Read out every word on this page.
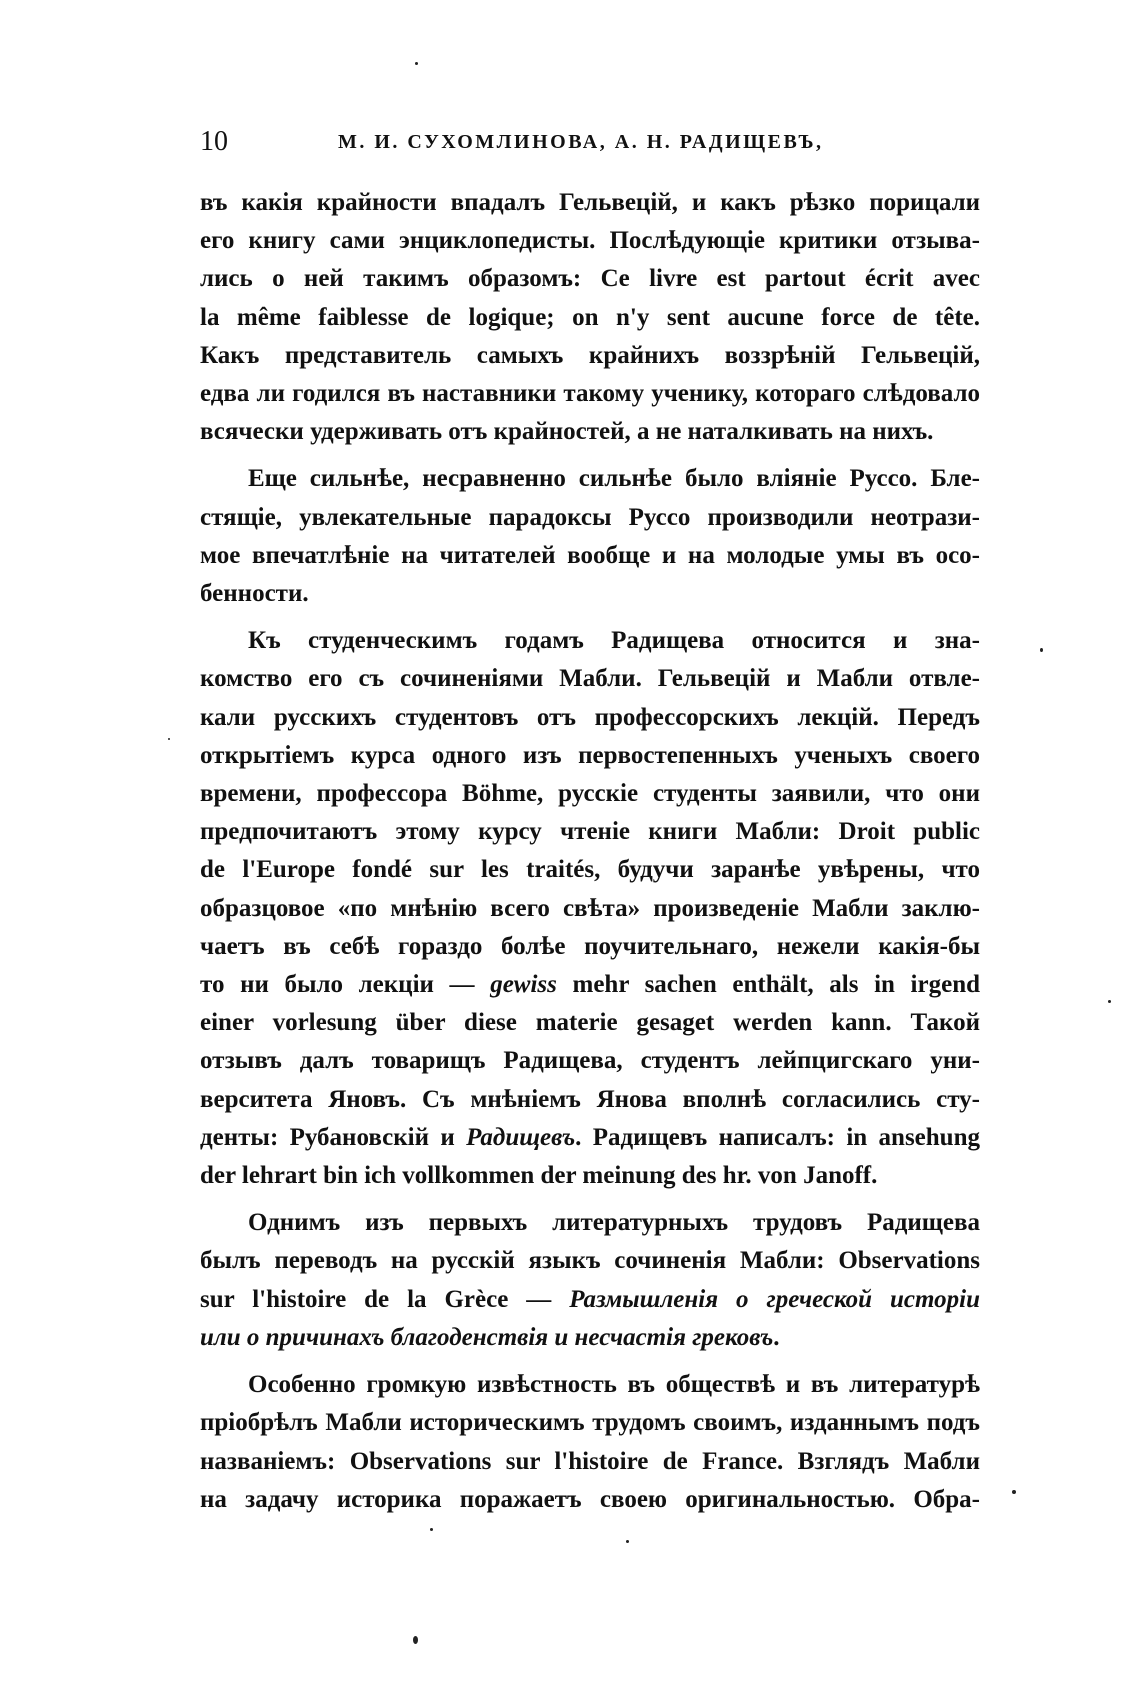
10	М. И. СУХОМЛИНОВА, А. Н. РАДИЩЕВЪ,
въ какія крайности впадалъ Гельвецій, и какъ рѣзко порицали
его книгу сами энциклопедисты. Послѣдующіе критики отзыва-
лись о ней такимъ образомъ: Ce livre est partout écrit avec
la même faiblesse de logique; on n'y sent aucune force de tête.
Какъ представитель самыхъ крайнихъ воззрѣній Гельвецій,
едва ли годился въ наставники такому ученику, котораго слѣдовало
всячески удерживать отъ крайностей, а не наталкивать на нихъ.
Еще сильнѣе, несравненно сильнѣе было вліяніе Руссо. Бле-
стящіе, увлекательные парадоксы Руссо производили неотрази-
мое впечатлѣніе на читателей вообще и на молодые умы въ осо-
бенности.
Къ студенческимъ годамъ Радищева относится и зна-
комство его съ сочиненіями Мабли. Гельвецій и Мабли отвле-
кали русскихъ студентовъ отъ профессорскихъ лекцій. Передъ
открытіемъ курса одного изъ первостепенныхъ ученыхъ своего
времени, профессора Böhme, русскіе студенты заявили, что они
предпочитаютъ этому курсу чтеніе книги Мабли: Droit public
de l'Europe fondé sur les traités, будучи заранѣе увѣрены, что
образцовое «по мнѣнію всего свѣта» произведеніе Мабли заклю-
чаетъ въ себѣ гораздо болѣе поучительнаго, нежели какія-бы
то ни было лекціи — gewiss mehr sachen enthält, als in irgend
einer vorlesung über diese materie gesaget werden kann. Такой
отзывъ далъ товарищъ Радищева, студентъ лейпцигскаго уни-
верситета Яновъ. Съ мнѣніемъ Янова вполнѣ согласились сту-
денты: Рубановскій и Радищевъ. Радищевъ написалъ: in ansehung
der lehrart bin ich vollkommen der meinung des hr. von Janoff.
Однимъ изъ первыхъ литературныхъ трудовъ Радищева
былъ переводъ на русскій языкъ сочиненія Мабли: Observations
sur l'histoire de la Grèce — Размышленія о греческой исторіи
или о причинахъ благоденствія и несчастія грековъ.
Особенно громкую извѣстность въ обществѣ и въ литературѣ
пріобрѣлъ Мабли историческимъ трудомъ своимъ, изданнымъ подъ
названіемъ: Observations sur l'histoire de France. Взглядъ Мабли
на задачу историка поражаетъ своею оригинальностью. Обра-
